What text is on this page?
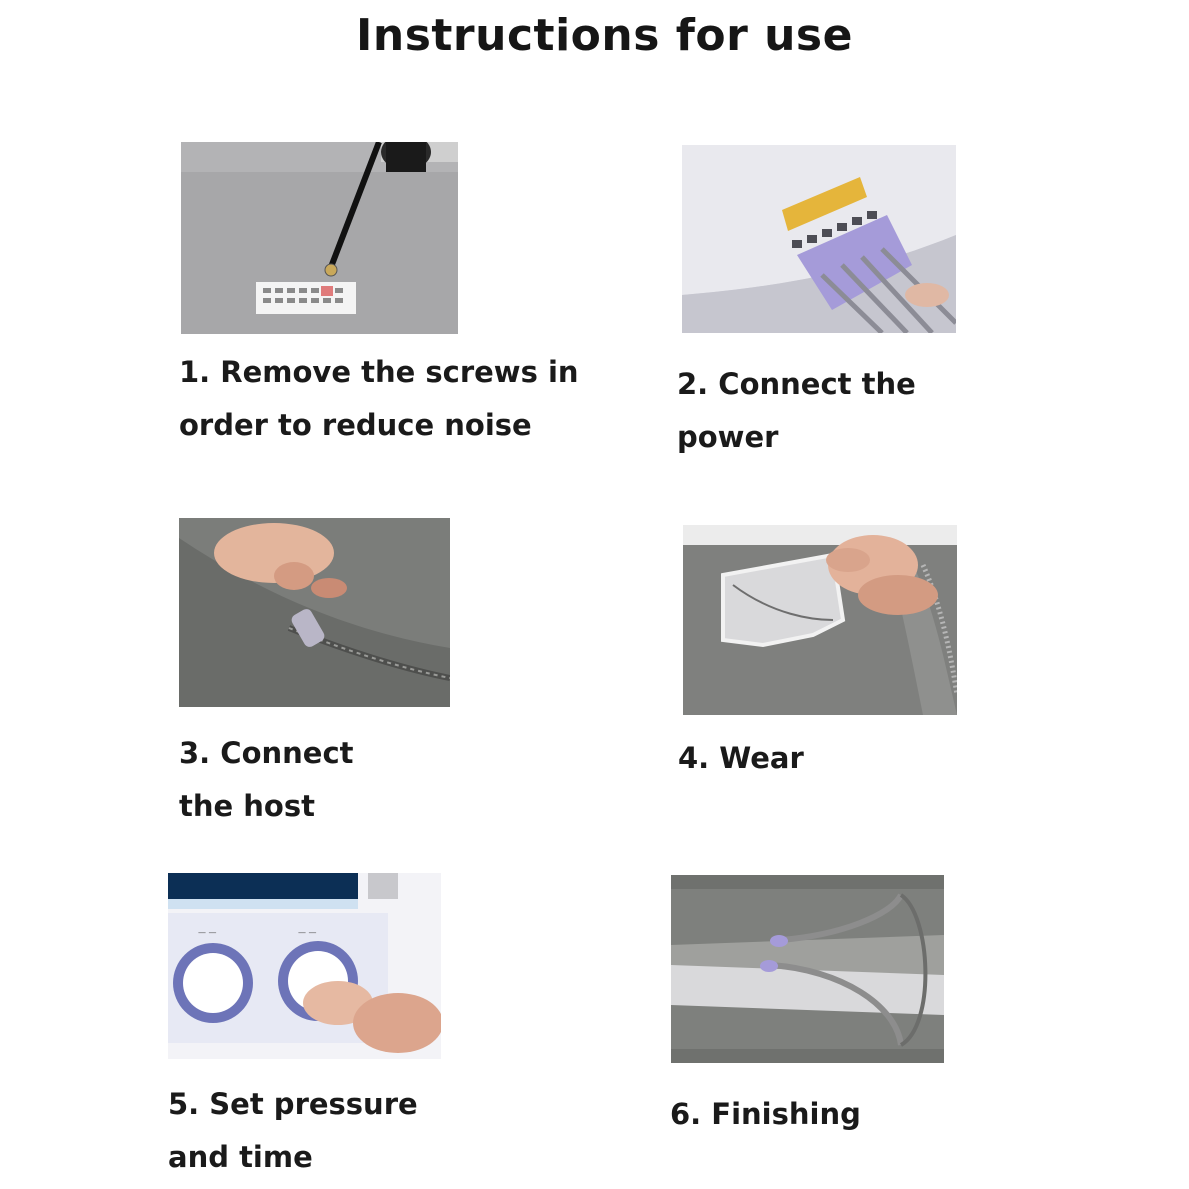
Instructions for use
1. Remove the screws in
order to reduce noise
2. Connect the
power
3. Connect
the host
4. Wear
— —	— —
5. Set pressure
and time
6. Finishing
